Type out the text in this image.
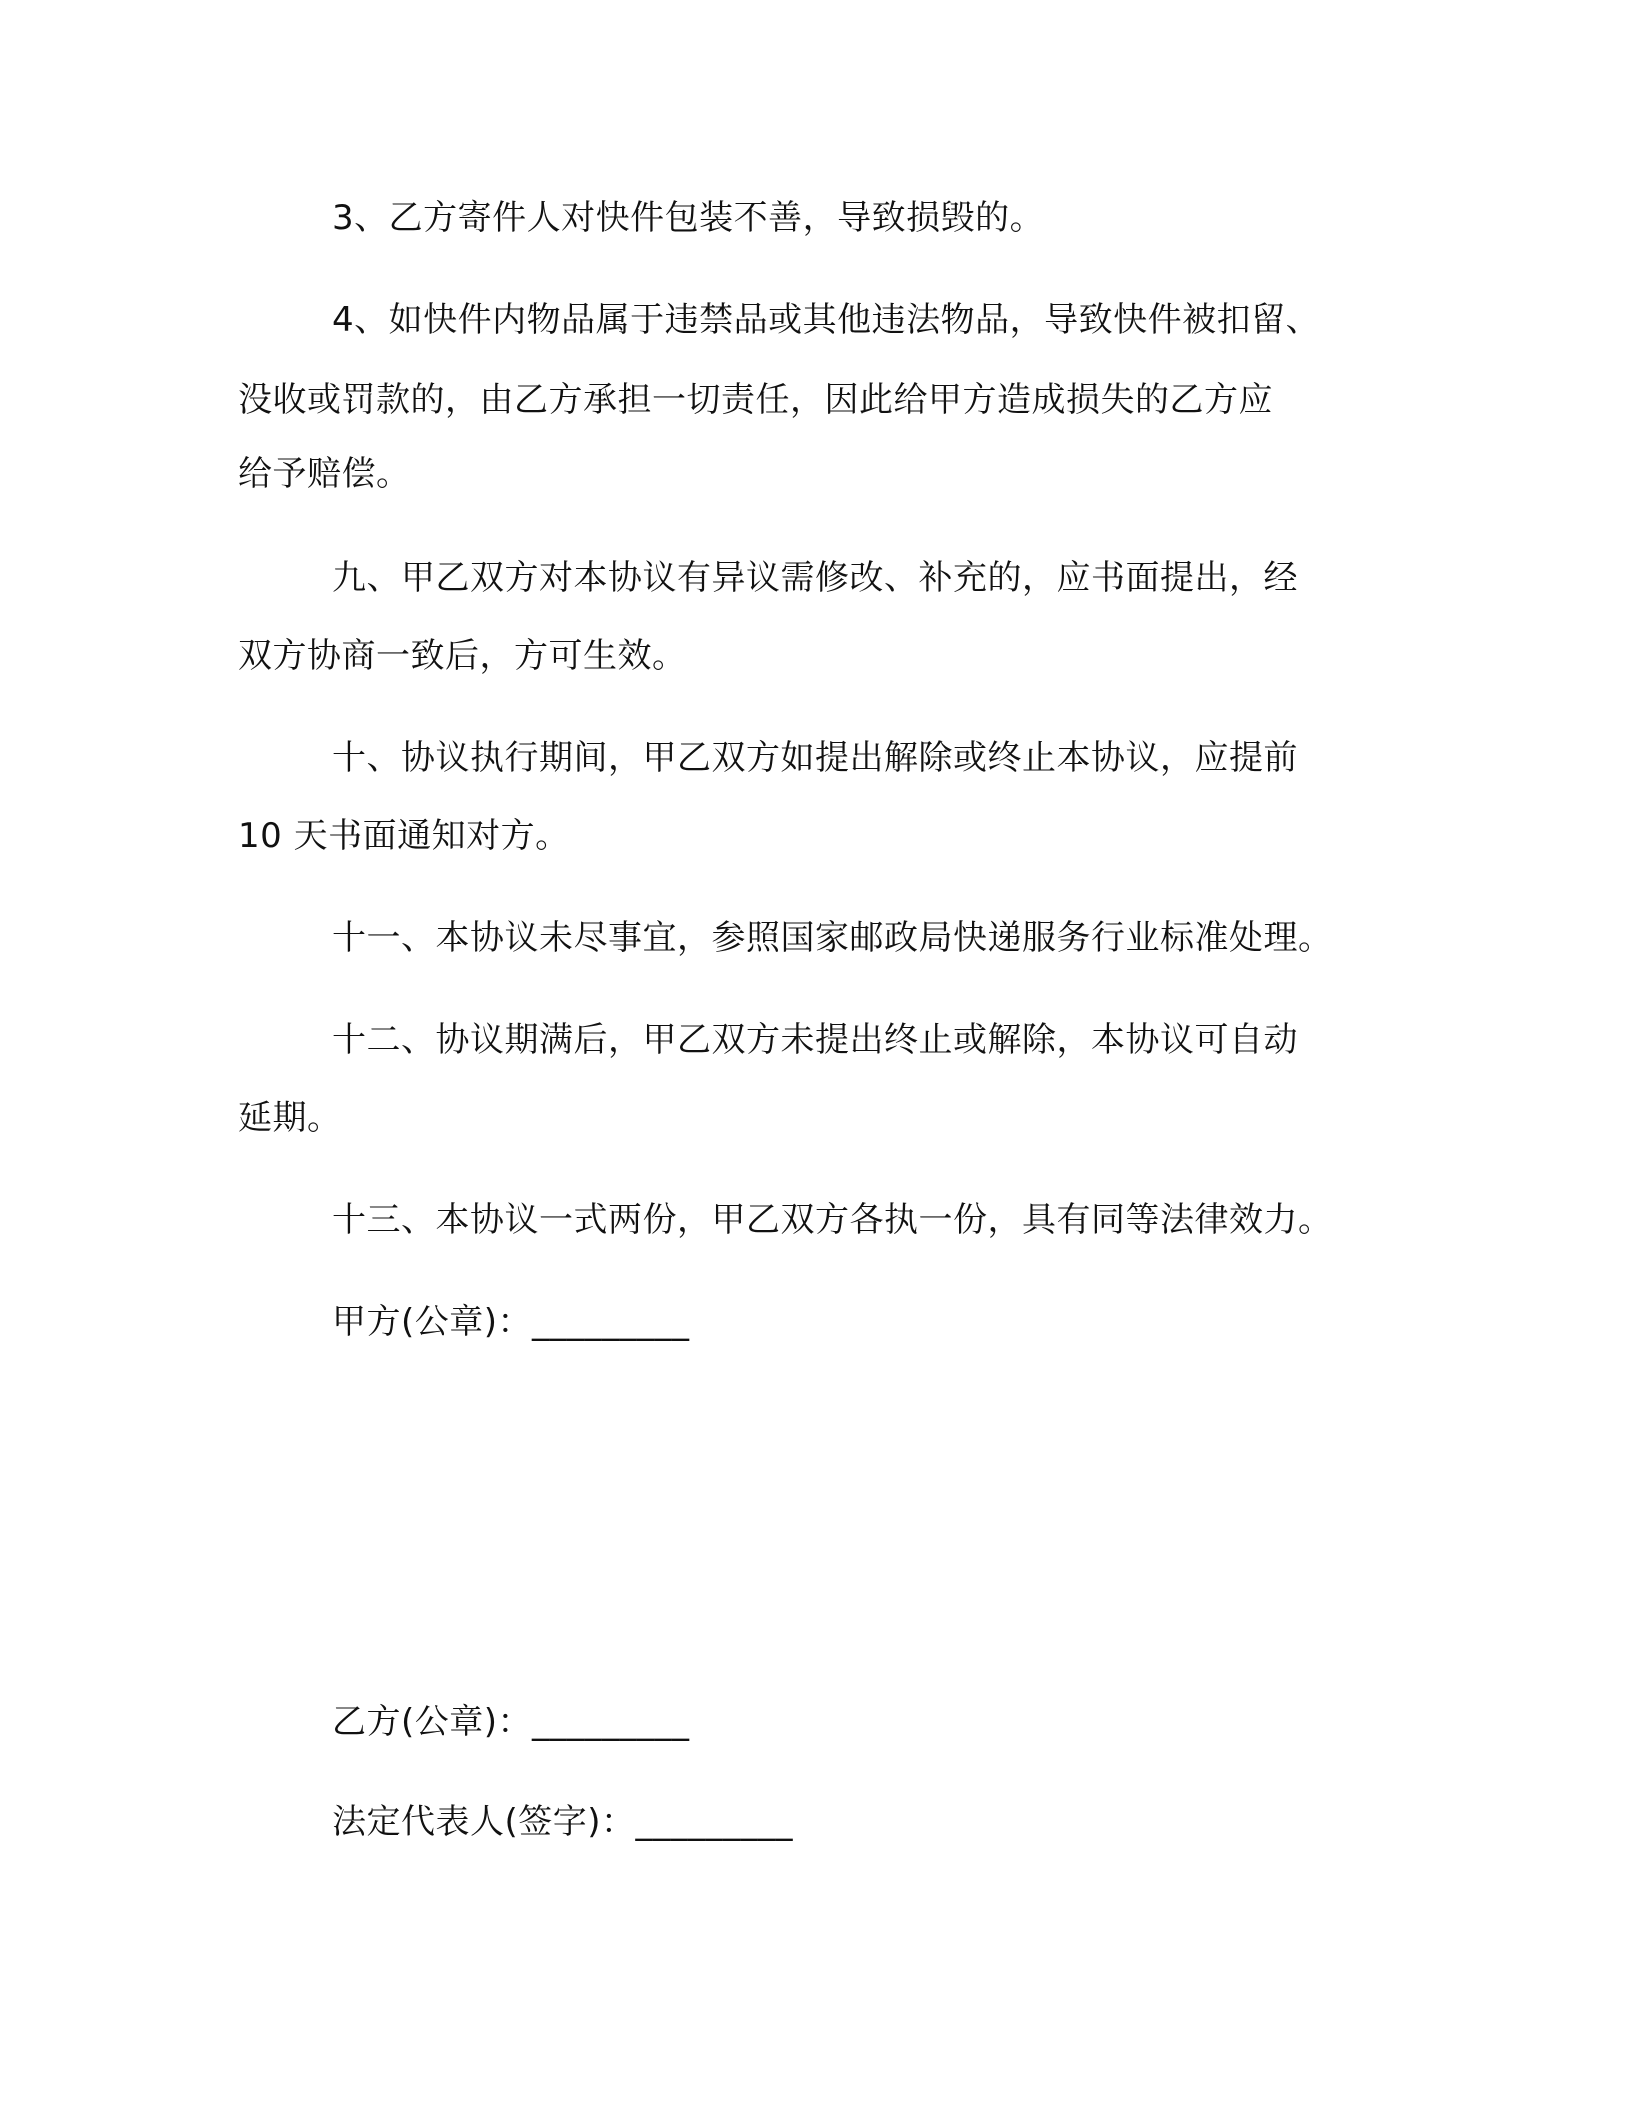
3、乙方寄件人对快件包装不善，导致损毁的。
4、如快件内物品属于违禁品或其他违法物品，导致快件被扣留、
没收或罚款的，由乙方承担一切责任，因此给甲方造成损失的乙方应
给予赔偿。
九、甲乙双方对本协议有异议需修改、补充的，应书面提出，经
双方协商一致后，方可生效。
十、协议执行期间，甲乙双方如提出解除或终止本协议，应提前
10 天书面通知对方。
十一、本协议未尽事宜，参照国家邮政局快递服务行业标准处理。
十二、协议期满后，甲乙双方未提出终止或解除，本协议可自动
延期。
十三、本协议一式两份，甲乙双方各执一份，具有同等法律效力。
甲方(公章)：_________
乙方(公章)：_________
法定代表人(签字)：_________
